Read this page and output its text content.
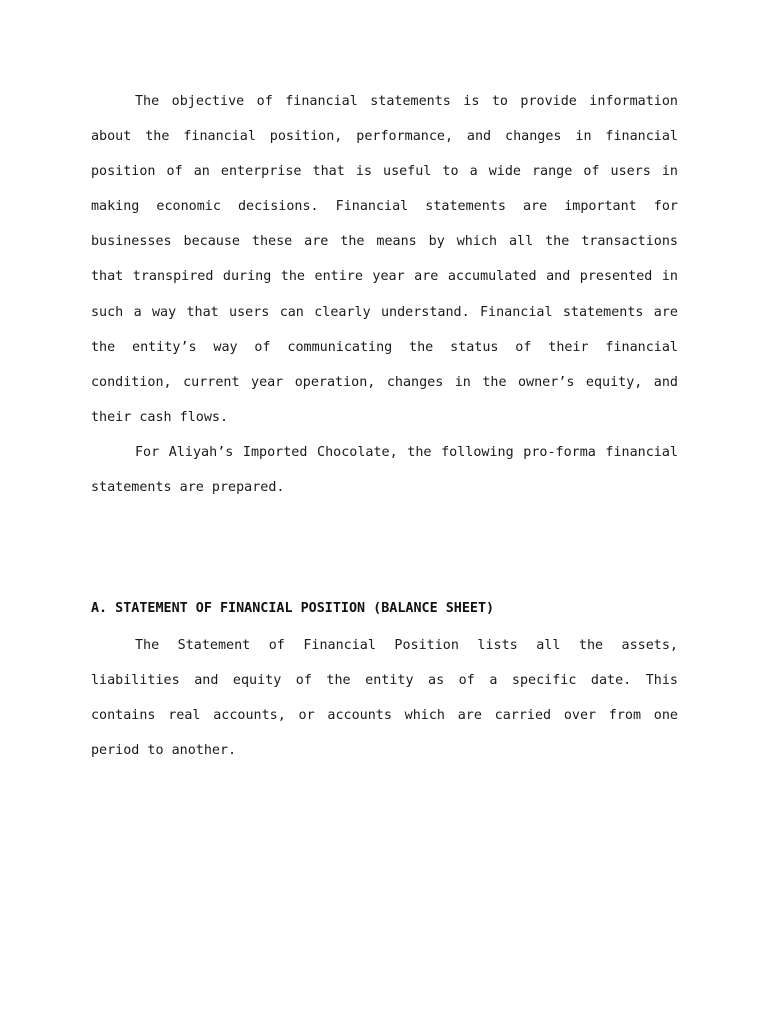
The objective of financial statements is to provide information about the financial position, performance, and changes in financial position of an enterprise that is useful to a wide range of users in making economic decisions. Financial statements are important for businesses because these are the means by which all the transactions that transpired during the entire year are accumulated and presented in such a way that users can clearly understand. Financial statements are the entity’s way of communicating the status of their financial condition, current year operation, changes in the owner’s equity, and their cash flows.

For Aliyah’s Imported Chocolate, the following pro-forma financial statements are prepared.

A. STATEMENT OF FINANCIAL POSITION (BALANCE SHEET)

The Statement of Financial Position lists all the assets, liabilities and equity of the entity as of a specific date. This contains real accounts, or accounts which are carried over from one period to another.
